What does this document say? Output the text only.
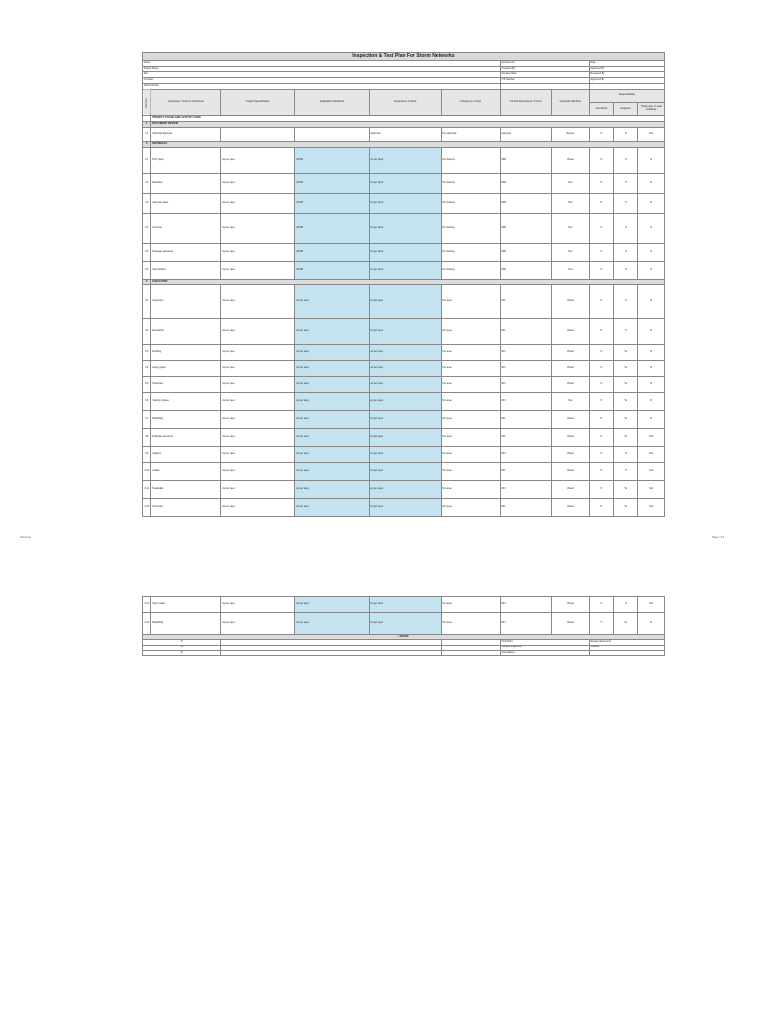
Inspection & Test Plan For Storm Networks										
Client:						Revision No:		Date		
Project Name:						Prepared By:		Approved By		
Site:						Revision Date:		Reviewed By		
Contract:						ITP Number:		Approved By		
Subcontractor:										
Item No.	Inspection / Tests to carried out	Project Specification	Applicable Standards	Acceptance Criteria	Frequency of Test	Control Documents / Forms	Inspection Method	Responsibility		
								Contractor	Engineer	Third party / Local Authority
	PROJECT PHASE AND ACTIVITY CODE									
1	DOCUMENT REVIEW									
1.1	Submittal approval			Approved	Per submittal	Approval	Review	H	R	N/A
2	MATERIALS									
2.1	PVC pipes	As per spec.	ASTM	As per Spec	Per delivery	MIR	Visual	H	H	R
2.2	Manholes	As per spec.	ASTM	As per Spec	Per delivery	MIR	Test	H	H	R
2.3	Cast iron pipes	As per spec.	ASTM	As per Spec	Per delivery	MIR	Test	H	H	R
2.4	Concrete	As per spec.	ASTM	As per Spec	Per delivery	MIR	Test	H	H	R
2.5	Drainage structures	As per spec.	ASTM	As per Spec	Per delivery	MIR	Test	H	H	R
2.6	Steel ladders	As per spec.	ASTM	As per Spec	Per delivery	MIR	Test	H	H	R
3	EXECUTION									
3.1	Inspection	As per spec.	As per spec.	As per spec.	Per area	RFI	Visual	H	H	R
3.2	Excavation	As per spec.	As per spec.	As per spec.	Per area	RFI	Visual	H	H	R
3.3	Bedding	As per spec.	As per spec.	As per spec.	Per area	RFI	Visual	H	W	R
3.4	Laying pipes	As per spec.	As per spec.	As per spec.	Per area	RFI	Visual	H	W	R
3.5	Protection	As per spec.	As per spec.	As per spec.	Per area	RFI	Visual	H	W	R
3.6	Testing of pipes	As per spec.	As per spec.	As per spec.	Per area	RFI	Test	H	W	R
3.7	Backfilling	As per spec.	As per spec.	As per spec.	Per area	RFI	Visual	H	W	R
3.8	Drainage structures	As per spec.	As per spec.	As per spec.	Per area	RFI	Visual	H	W	N/A
3.9	Ladders	As per spec.	As per spec.	As per spec.	Per area	RFI	Visual	H	H	N/A
3.10	Gullies	As per spec.	As per spec.	As per spec.	Per area	RFI	Visual	H	H	N/A
3.11	Headwalls	As per spec.	As per spec.	As per spec.	Per area	RFI	Visual	H	W	N/A
3.12	Protection	As per spec.	As per spec.	As per spec.	Per area	RFI	Visual	H	W	N/A
Document	Page 1 of 2
3.13	Storm water	As per spec.	As per spec.	As per spec.	Per area	RFI	Visual	H	H	N/A
3.14	Backfilling	As per spec.	As per spec.	As per spec.	Per area	RFI	Visual	H	W	R
LEGEND										
H						Hold Point		Review documents		
W						Witness Inspection		Witness		
R						Surveillance				
